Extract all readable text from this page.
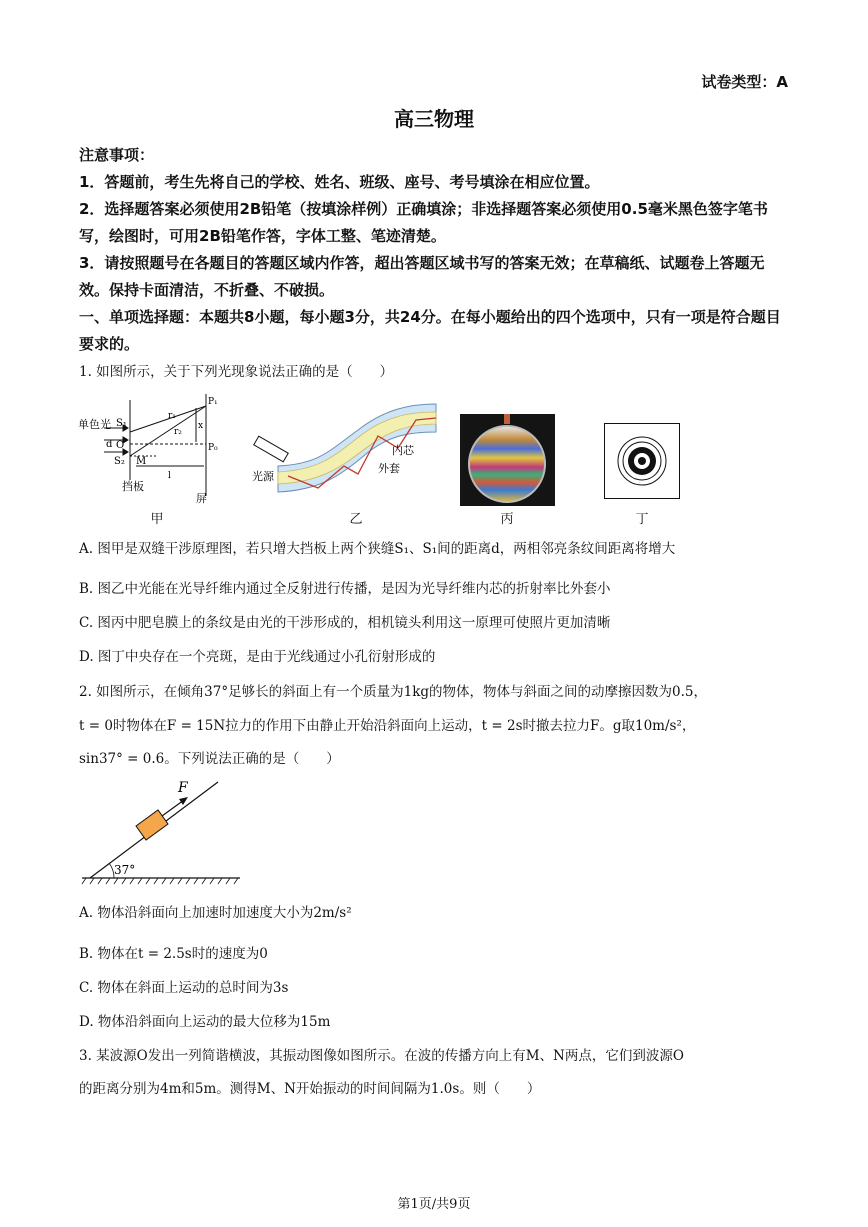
试卷类型：A
高三物理

注意事项：

1．答题前，考生先将自己的学校、姓名、班级、座号、考号填涂在相应位置。

2．选择题答案必须使用2B铅笔（按填涂样例）正确填涂；非选择题答案必须使用0.5毫米黑色签字笔书写，绘图时，可用2B铅笔作答，字体工整、笔迹清楚。

3．请按照题号在各题目的答题区域内作答，超出答题区域书写的答案无效；在草稿纸、试题卷上答题无效。保持卡面清洁，不折叠、不破损。

一、单项选择题：本题共8小题，每小题3分，共24分。在每小题给出的四个选项中，只有一项是符合题目要求的。

1. 如图所示，关于下列光现象说法正确的是（　　）
S₁
S₂
O
d
M
r₁
r₂
x
P₁
P₀
l
单色光
挡板
屏
甲
光源
内芯
外套
乙	丙	丁
A. 图甲是双缝干涉原理图，若只增大挡板上两个狭缝S₁、S₁间的距离d，两相邻亮条纹间距离将增大
B. 图乙中光能在光导纤维内通过全反射进行传播，是因为光导纤维内芯的折射率比外套小
C. 图丙中肥皂膜上的条纹是由光的干涉形成的，相机镜头利用这一原理可使照片更加清晰
D. 图丁中央存在一个亮斑，是由于光线通过小孔衍射形成的
2. 如图所示，在倾角37°足够长的斜面上有一个质量为1kg的物体，物体与斜面之间的动摩擦因数为0.5，
t = 0时物体在F = 15N拉力的作用下由静止开始沿斜面向上运动，t = 2s时撤去拉力F。g取10m/s²，
sin37° = 0.6。下列说法正确的是（　　）
F
37°
A. 物体沿斜面向上加速时加速度大小为2m/s²
B. 物体在t = 2.5s时的速度为0
C. 物体在斜面上运动的总时间为3s
D. 物体沿斜面向上运动的最大位移为15m
3. 某波源O发出一列简谐横波，其振动图像如图所示。在波的传播方向上有M、N两点，它们到波源O
的距离分别为4m和5m。测得M、N开始振动的时间间隔为1.0s。则（　　）
第1页/共9页
